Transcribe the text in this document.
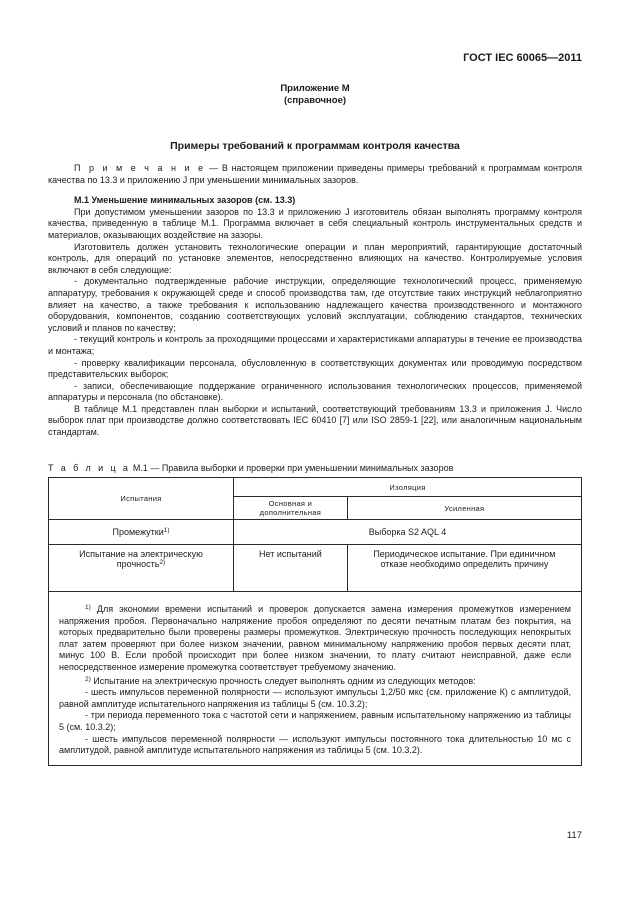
ГОСТ IEC 60065—2011
Приложение М
(справочное)
Примеры требований к программам контроля качества

П р и м е ч а н и е — В настоящем приложении приведены примеры требований к программам контроля качества по 13.3 и приложению J при уменьшении минимальных зазоров.

М.1 Уменьшение минимальных зазоров (см. 13.3)

При допустимом уменьшении зазоров по 13.3 и приложению J изготовитель обязан выполнять программу контроля качества, приведенную в таблице М.1. Программа включает в себя специальный контроль инструментальных средств и материалов, оказывающих воздействие на зазоры.

Изготовитель должен установить технологические операции и план мероприятий, гарантирующие достаточный контроль, для операций по установке элементов, непосредственно влияющих на качество. Контролируемые условия включают в себя следующие:

- документально подтвержденные рабочие инструкции, определяющие технологический процесс, применяемую аппаратуру, требования к окружающей среде и способ производства там, где отсутствие таких инструкций неблагоприятно влияет на качество, а также требования к использованию надлежащего качества производственного и монтажного оборудования, компонентов, созданию соответствующих условий эксплуатации, соблюдению стандартов, технических условий и планов по качеству;

- текущий контроль и контроль за проходящими процессами и характеристиками аппаратуры в течение ее производства и монтажа;

- проверку квалификации персонала, обусловленную в соответствующих документах или проводимую посредством представительских выборок;

- записи, обеспечивающие поддержание ограниченного использования технологических процессов, применяемой аппаратуры и персонала (по обстановке).

В таблице М.1 представлен план выборки и испытаний, соответствующий требованиям 13.3 и приложения J. Число выборок плат при производстве должно соответствовать IEC 60410 [7] или ISO 2859-1 [22], или аналогичным национальным стандартам.

Т а б л и ц а М.1 — Правила выборки и проверки при уменьшении минимальных зазоров
Испытания	Изоляция	
	Основная и дополнительная	Усиленная
Промежутки$^{1)}$	Выборка S2 AQL 4	
Испытание на электрическую прочность$^{2)}$	Нет испытаний	Периодическое испытание. При единичном отказе необходимо определить причину

$^{1)}$ Для экономии времени испытаний и проверок допускается замена измерения промежутков измерением напряжения пробоя. Первоначально напряжение пробоя определяют по десяти печатным платам без покрытия, на которых предварительно были проверены размеры промежутков. Электрическую прочность последующих непокрытых плат затем проверяют при более низком значении, равном минимальному напряжению пробоя первых десяти плат, минус 100 В. Если пробой происходит при более низком значении, то плату считают неисправной, даже если непосредственное измерение промежутка соответствует требуемому значению.

$^{2)}$ Испытание на электрическую прочность следует выполнять одним из следующих методов:

- шесть импульсов переменной полярности — используют импульсы 1,2/50 мкс (см. приложение К) с амплитудой, равной амплитуде испытательного напряжения из таблицы 5 (см. 10.3.2);

- три периода переменного тока с частотой сети и напряжением, равным испытательному напряжению из таблицы 5 (см. 10.3.2);

- шесть импульсов переменной полярности — используют импульсы постоянного тока длительностью 10 мс с амплитудой, равной амплитуде испытательного напряжения из таблицы 5 (см. 10.3.2).		

117
